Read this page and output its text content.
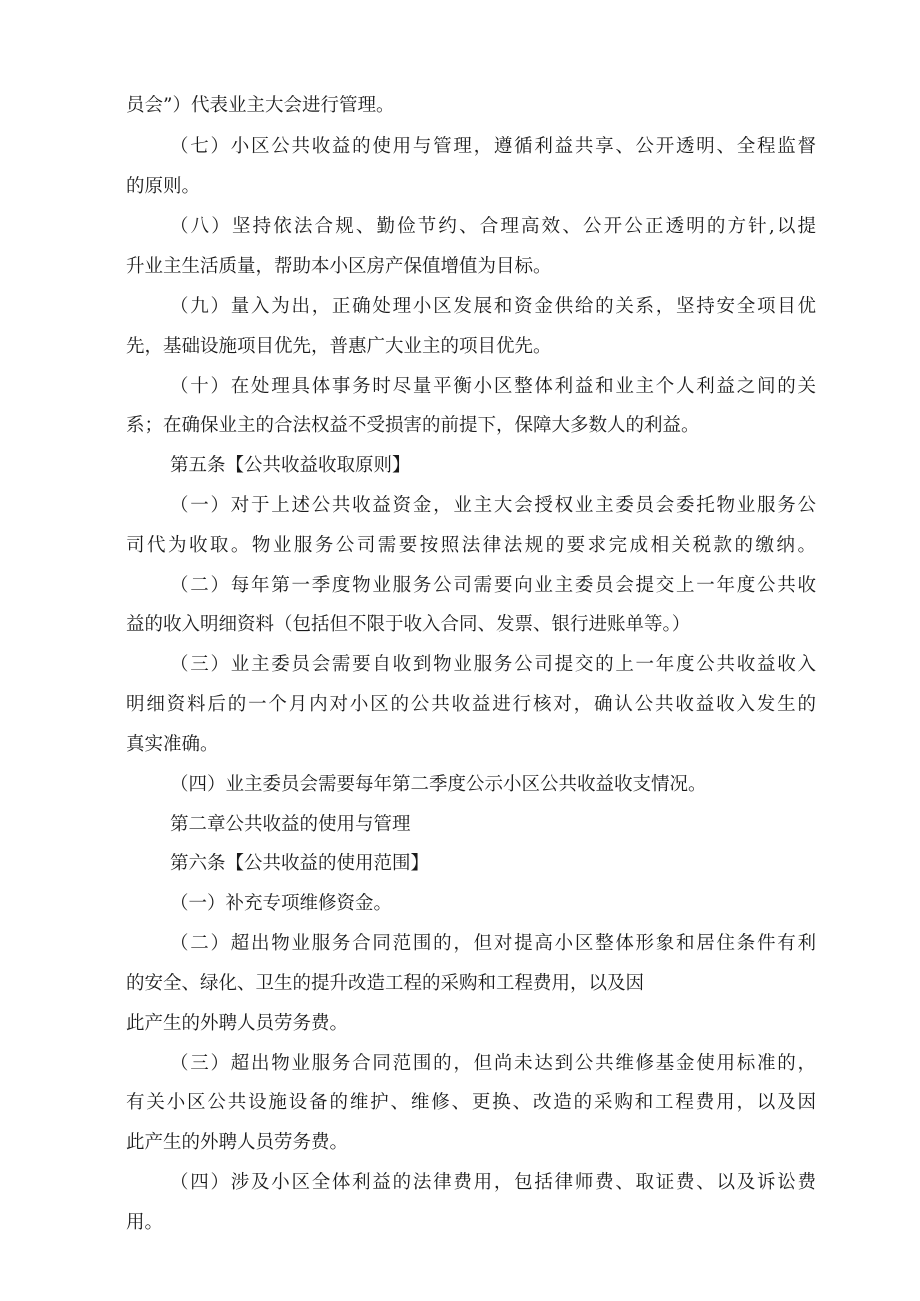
员会”）代表业主大会进行管理。
（七）小区公共收益的使用与管理，遵循利益共享、公开透明、全程监督
的原则。
（八）坚持依法合规、勤俭节约、合理高效、公开公正透明的方针,以提
升业主生活质量，帮助本小区房产保值增值为目标。
（九）量入为出，正确处理小区发展和资金供给的关系，坚持安全项目优
先，基础设施项目优先，普惠广大业主的项目优先。
（十）在处理具体事务时尽量平衡小区整体利益和业主个人利益之间的关
系；在确保业主的合法权益不受损害的前提下，保障大多数人的利益。
第五条【公共收益收取原则】
（一）对于上述公共收益资金，业主大会授权业主委员会委托物业服务公
司代为收取。物业服务公司需要按照法律法规的要求完成相关税款的缴纳。
（二）每年第一季度物业服务公司需要向业主委员会提交上一年度公共收
益的收入明细资料（包括但不限于收入合同、发票、银行进账单等。）
（三）业主委员会需要自收到物业服务公司提交的上一年度公共收益收入
明细资料后的一个月内对小区的公共收益进行核对，确认公共收益收入发生的
真实准确。
（四）业主委员会需要每年第二季度公示小区公共收益收支情况。
第二章公共收益的使用与管理
第六条【公共收益的使用范围】
（一）补充专项维修资金。
（二）超出物业服务合同范围的，但对提高小区整体形象和居住条件有利
的安全、绿化、卫生的提升改造工程的采购和工程费用，以及因
此产生的外聘人员劳务费。
（三）超出物业服务合同范围的，但尚未达到公共维修基金使用标准的，
有关小区公共设施设备的维护、维修、更换、改造的采购和工程费用，以及因
此产生的外聘人员劳务费。
（四）涉及小区全体利益的法律费用，包括律师费、取证费、以及诉讼费
用。
